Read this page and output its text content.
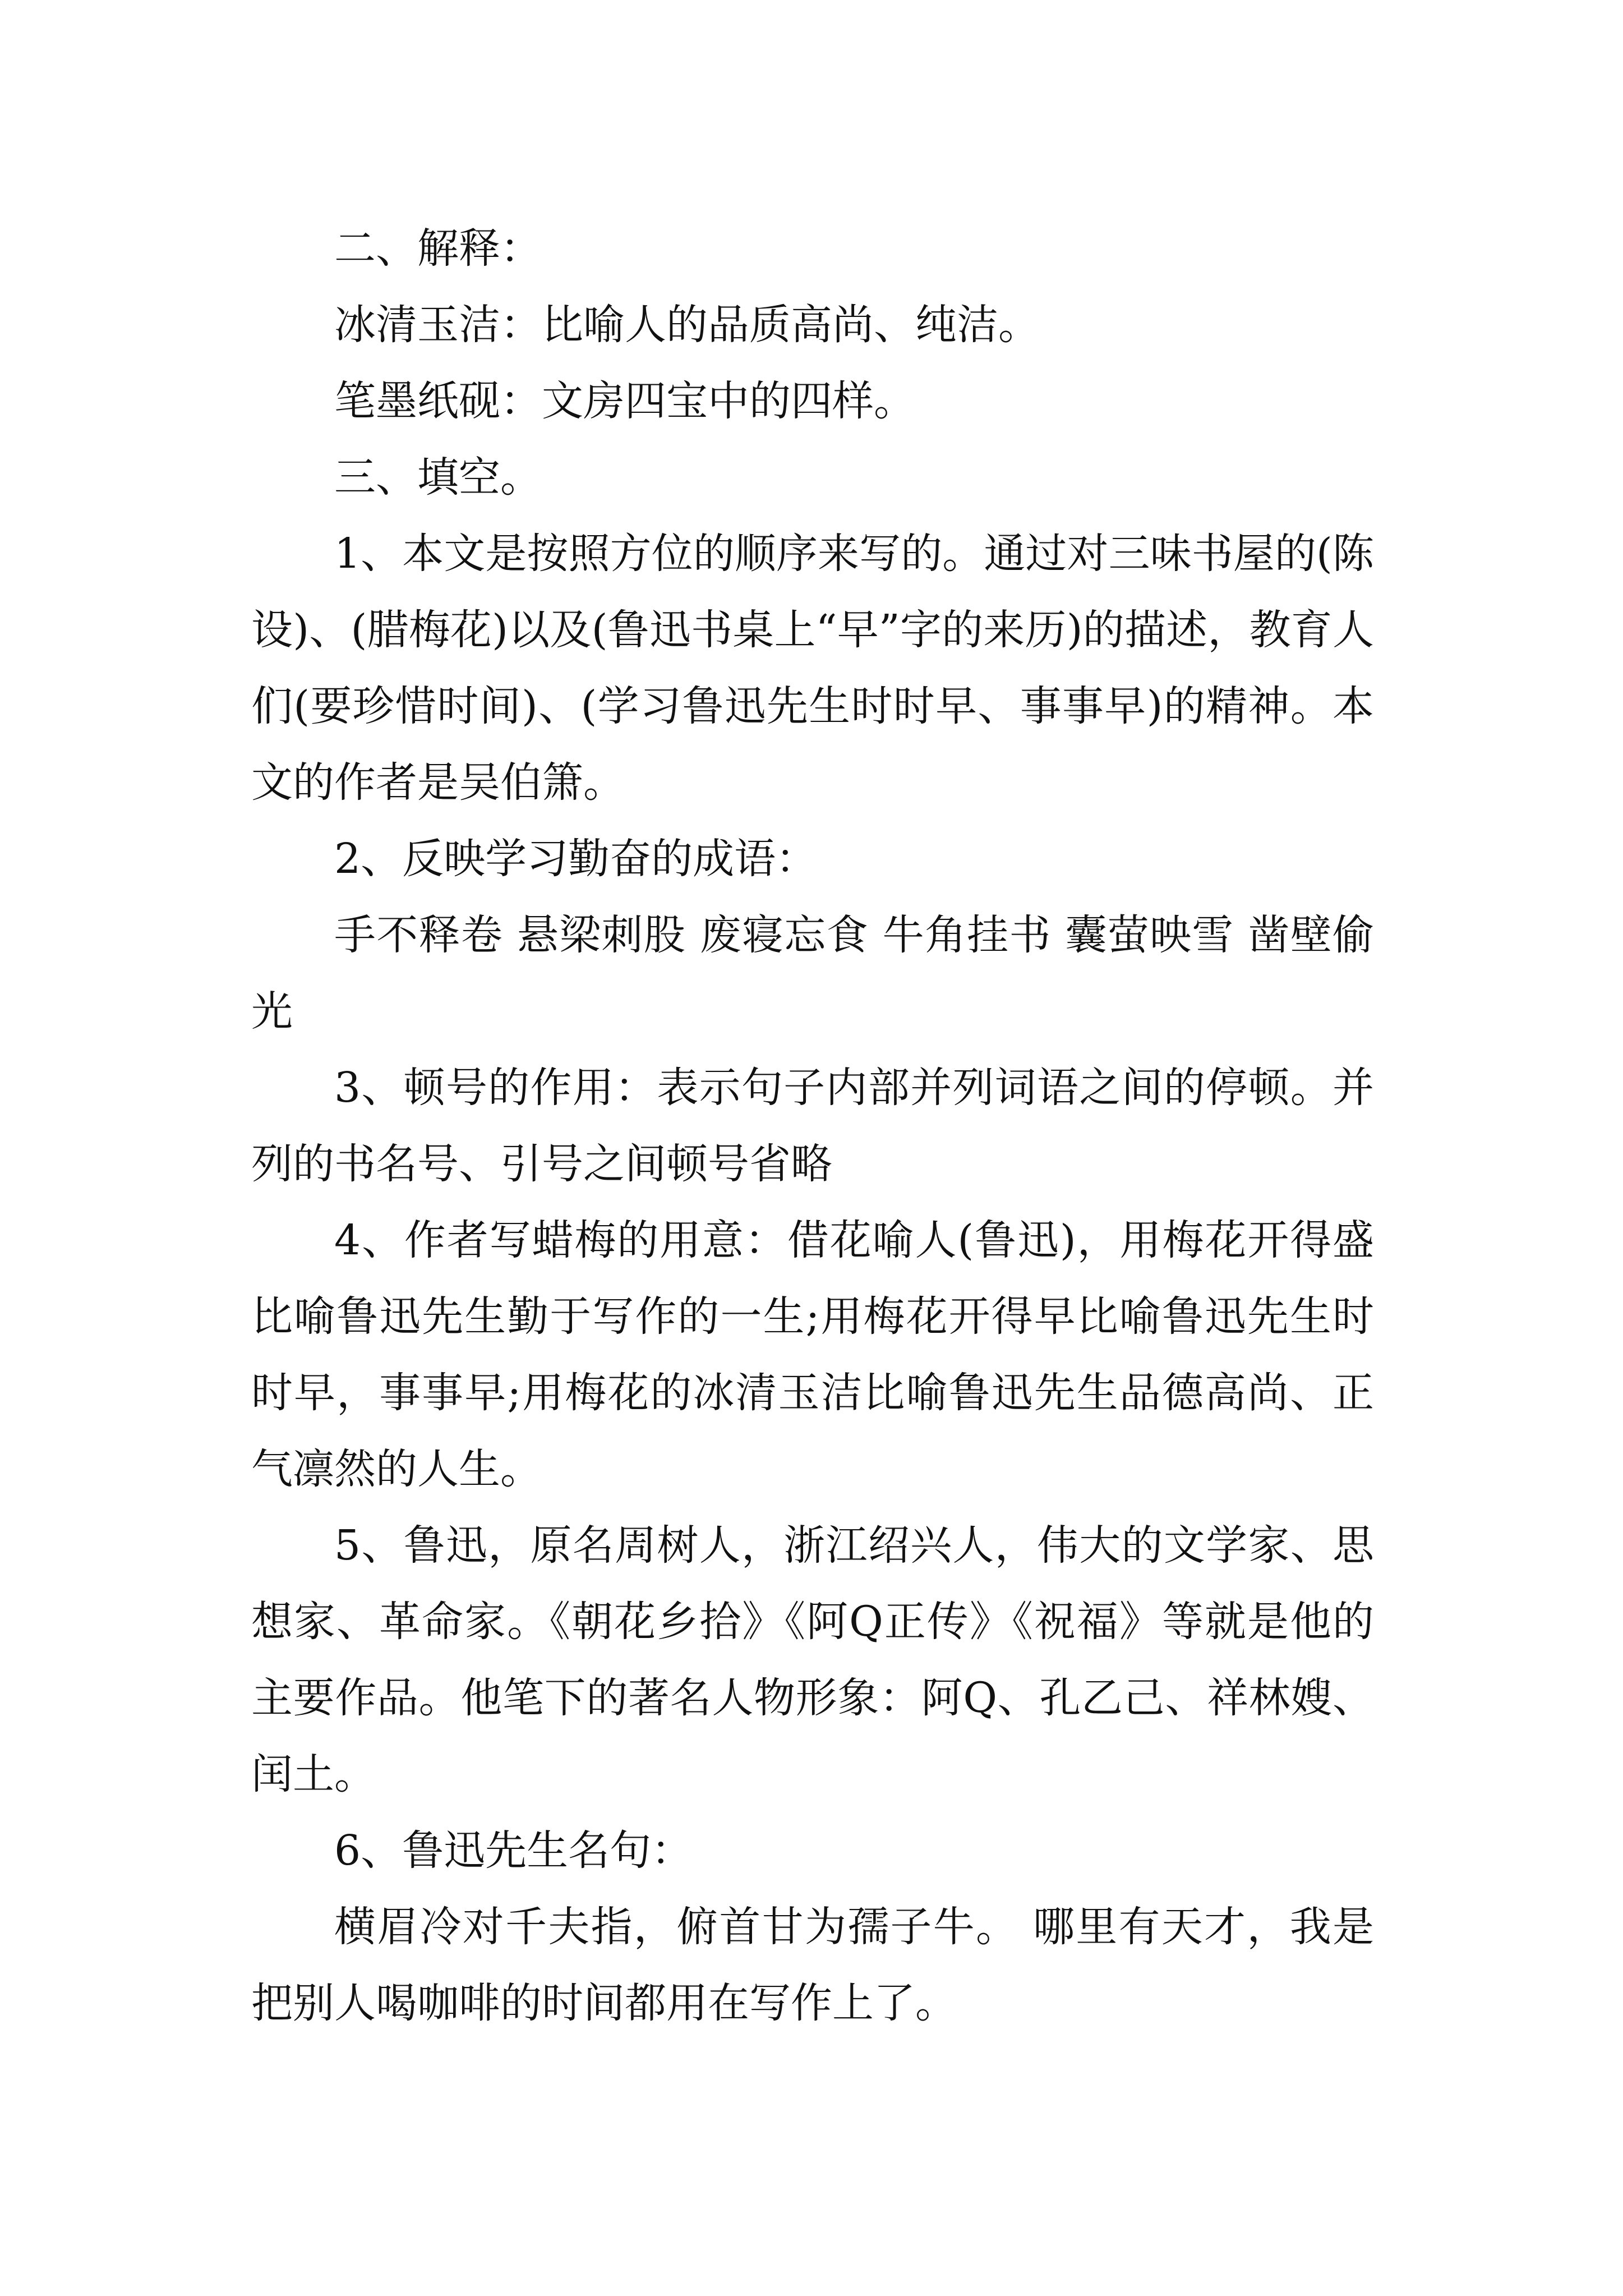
二、解释：

冰清玉洁：比喻人的品质高尚、纯洁。

笔墨纸砚：文房四宝中的四样。

三、填空。

1、本文是按照方位的顺序来写的。通过对三味书屋的(陈设)、(腊梅花)以及(鲁迅书桌上“早”字的来历)的描述，教育人们(要珍惜时间)、(学习鲁迅先生时时早、事事早)的精神。本文的作者是吴伯箫。

2、反映学习勤奋的成语：

手不释卷 悬梁刺股 废寝忘食 牛角挂书 囊萤映雪 凿壁偷光

3、顿号的作用：表示句子内部并列词语之间的停顿。并列的书名号、引号之间顿号省略

4、作者写蜡梅的用意：借花喻人(鲁迅)，用梅花开得盛比喻鲁迅先生勤于写作的一生;用梅花开得早比喻鲁迅先生时时早，事事早;用梅花的冰清玉洁比喻鲁迅先生品德高尚、正气凛然的人生。

5、鲁迅，原名周树人，浙江绍兴人，伟大的文学家、思想家、革命家。《朝花乡拾》《阿Q正传》《祝福》等就是他的主要作品。他笔下的著名人物形象：阿Q、孔乙己、祥林嫂、闰土。

6、鲁迅先生名句：

横眉冷对千夫指，俯首甘为孺子牛。 哪里有天才，我是把别人喝咖啡的时间都用在写作上了。
